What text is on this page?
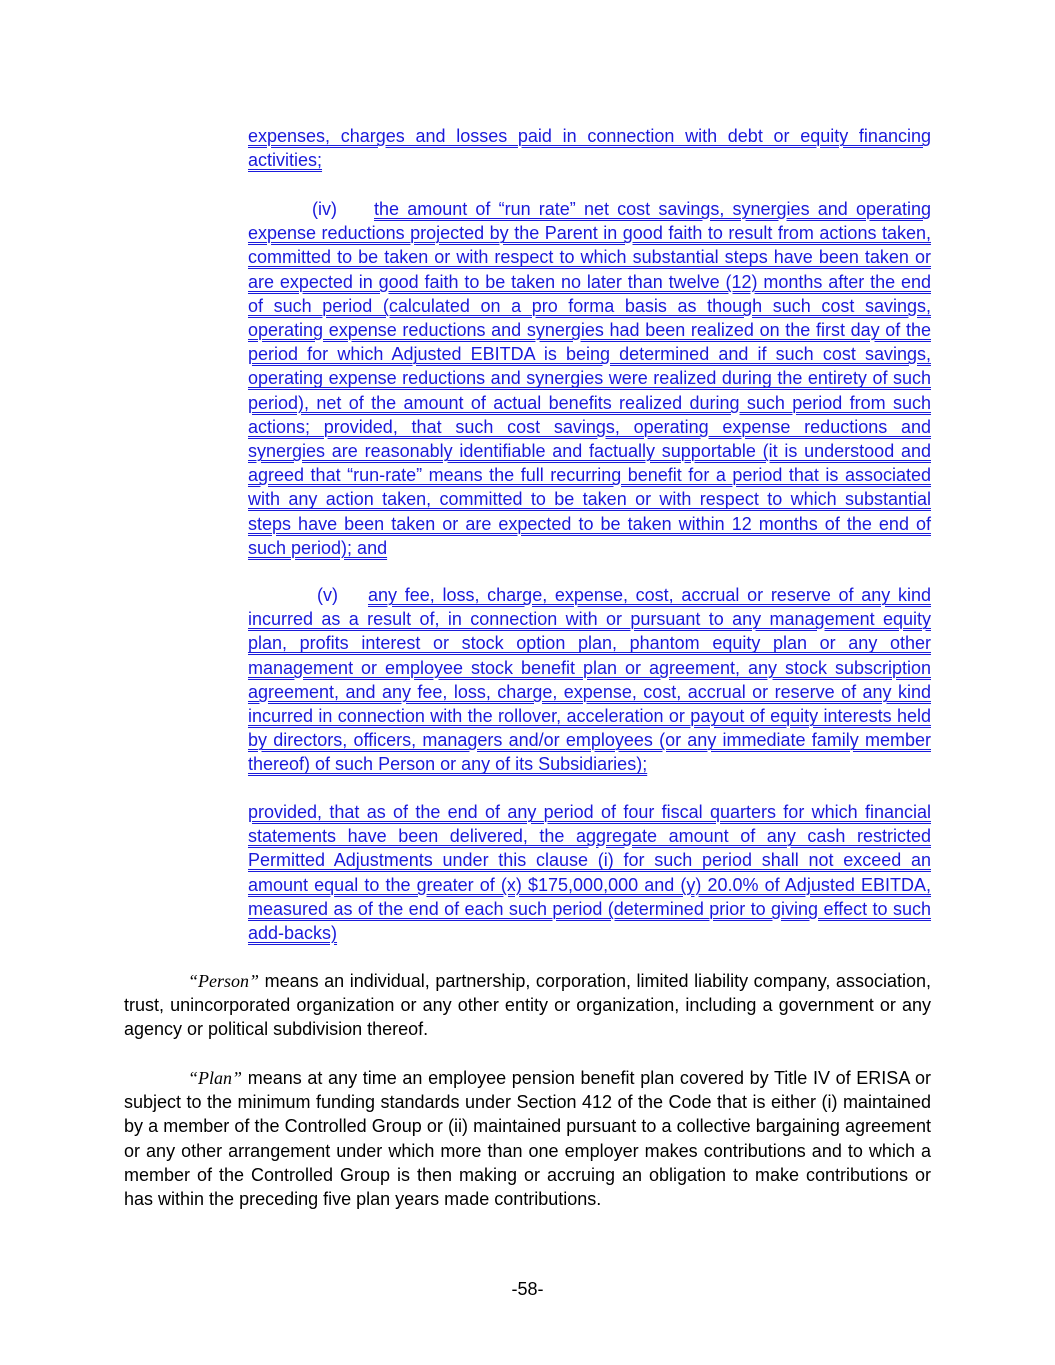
expenses, charges and losses paid in connection with debt or equity financing activities;

(iv) the amount of “run rate” net cost savings, synergies and operating expense reductions projected by the Parent in good faith to result from actions taken, committed to be taken or with respect to which substantial steps have been taken or are expected in good faith to be taken no later than twelve (12) months after the end of such period (calculated on a pro forma basis as though such cost savings, operating expense reductions and synergies had been realized on the first day of the period for which Adjusted EBITDA is being determined and if such cost savings, operating expense reductions and synergies were realized during the entirety of such period), net of the amount of actual benefits realized during such period from such actions; provided, that such cost savings, operating expense reductions and synergies are reasonably identifiable and factually supportable (it is understood and agreed that “run-rate” means the full recurring benefit for a period that is associated with any action taken, committed to be taken or with respect to which substantial steps have been taken or are expected to be taken within 12 months of the end of such period); and

(v) any fee, loss, charge, expense, cost, accrual or reserve of any kind incurred as a result of, in connection with or pursuant to any management equity plan, profits interest or stock option plan, phantom equity plan or any other management or employee stock benefit plan or agreement, any stock subscription agreement, and any fee, loss, charge, expense, cost, accrual or reserve of any kind incurred in connection with the rollover, acceleration or payout of equity interests held by directors, officers, managers and/or employees (or any immediate family member thereof) of such Person or any of its Subsidiaries);

provided, that as of the end of any period of four fiscal quarters for which financial statements have been delivered, the aggregate amount of any cash restricted Permitted Adjustments under this clause (i) for such period shall not exceed an amount equal to the greater of (x) $175,000,000 and (y) 20.0% of Adjusted EBITDA, measured as of the end of each such period (determined prior to giving effect to such add-backs)

“Person” means an individual, partnership, corporation, limited liability company, association, trust, unincorporated organization or any other entity or organization, including a government or any agency or political subdivision thereof.

“Plan” means at any time an employee pension benefit plan covered by Title IV of ERISA or subject to the minimum funding standards under Section 412 of the Code that is either (i) maintained by a member of the Controlled Group or (ii) maintained pursuant to a collective bargaining agreement or any other arrangement under which more than one employer makes contributions and to which a member of the Controlled Group is then making or accruing an obligation to make contributions or has within the preceding five plan years made contributions.

-58-
